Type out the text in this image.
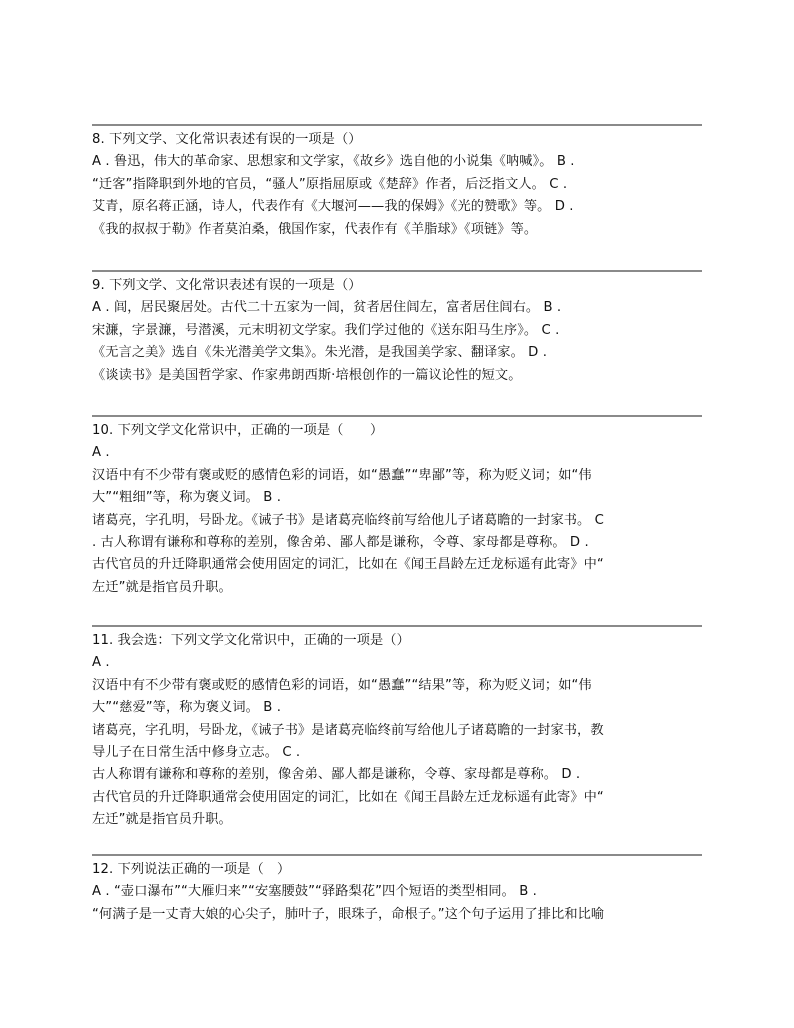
8. 下列文学、文化常识表述有误的一项是（）
A . 鲁迅，伟大的革命家、思想家和文学家，《故乡》选自他的小说集《呐喊》。 B .
“迁客”指降职到外地的官员，“骚人”原指屈原或《楚辞》作者，后泛指文人。 C .
艾青，原名蒋正涵，诗人，代表作有《大堰河——我的保姆》《光的赞歌》等。 D .
《我的叔叔于勒》作者莫泊桑，俄国作家，代表作有《羊脂球》《项链》等。
9. 下列文学、文化常识表述有误的一项是（）
A . 闾，居民聚居处。古代二十五家为一闾，贫者居住闾左，富者居住闾右。 B .
宋濂，字景濂，号潜溪，元末明初文学家。我们学过他的《送东阳马生序》。 C .
《无言之美》选自《朱光潜美学文集》。朱光潜，是我国美学家、翻译家。 D .
《谈读书》是美国哲学家、作家弗朗西斯·培根创作的一篇议论性的短文。
10. 下列文学文化常识中，正确的一项是（　　）
A .
汉语中有不少带有褒或贬的感情色彩的词语，如“愚蠢”“卑鄙”等，称为贬义词；如“伟
大”“粗细”等，称为褒义词。 B .
诸葛亮，字孔明，号卧龙。《诫子书》是诸葛亮临终前写给他儿子诸葛瞻的一封家书。 C
. 古人称谓有谦称和尊称的差别，像舍弟、鄙人都是谦称，令尊、家母都是尊称。 D .
古代官员的升迁降职通常会使用固定的词汇，比如在《闻王昌龄左迁龙标遥有此寄》中“
左迁”就是指官员升职。
11. 我会选：下列文学文化常识中，正确的一项是（）
A .
汉语中有不少带有褒或贬的感情色彩的词语，如“愚蠢”“结果”等，称为贬义词；如“伟
大”“慈爱”等，称为褒义词。 B .
诸葛亮，字孔明，号卧龙，《诫子书》是诸葛亮临终前写给他儿子诸葛瞻的一封家书，教
导儿子在日常生活中修身立志。 C .
古人称谓有谦称和尊称的差别，像舍弟、鄙人都是谦称，令尊、家母都是尊称。 D .
古代官员的升迁降职通常会使用固定的词汇，比如在《闻王昌龄左迁龙标遥有此寄》中“
左迁”就是指官员升职。
12. 下列说法正确的一项是（　）
A . “壶口瀑布”“大雁归来”“安塞腰鼓”“驿路梨花”四个短语的类型相同。 B .
“何满子是一丈青大娘的心尖子，肺叶子，眼珠子，命根子。”这个句子运用了排比和比喻
